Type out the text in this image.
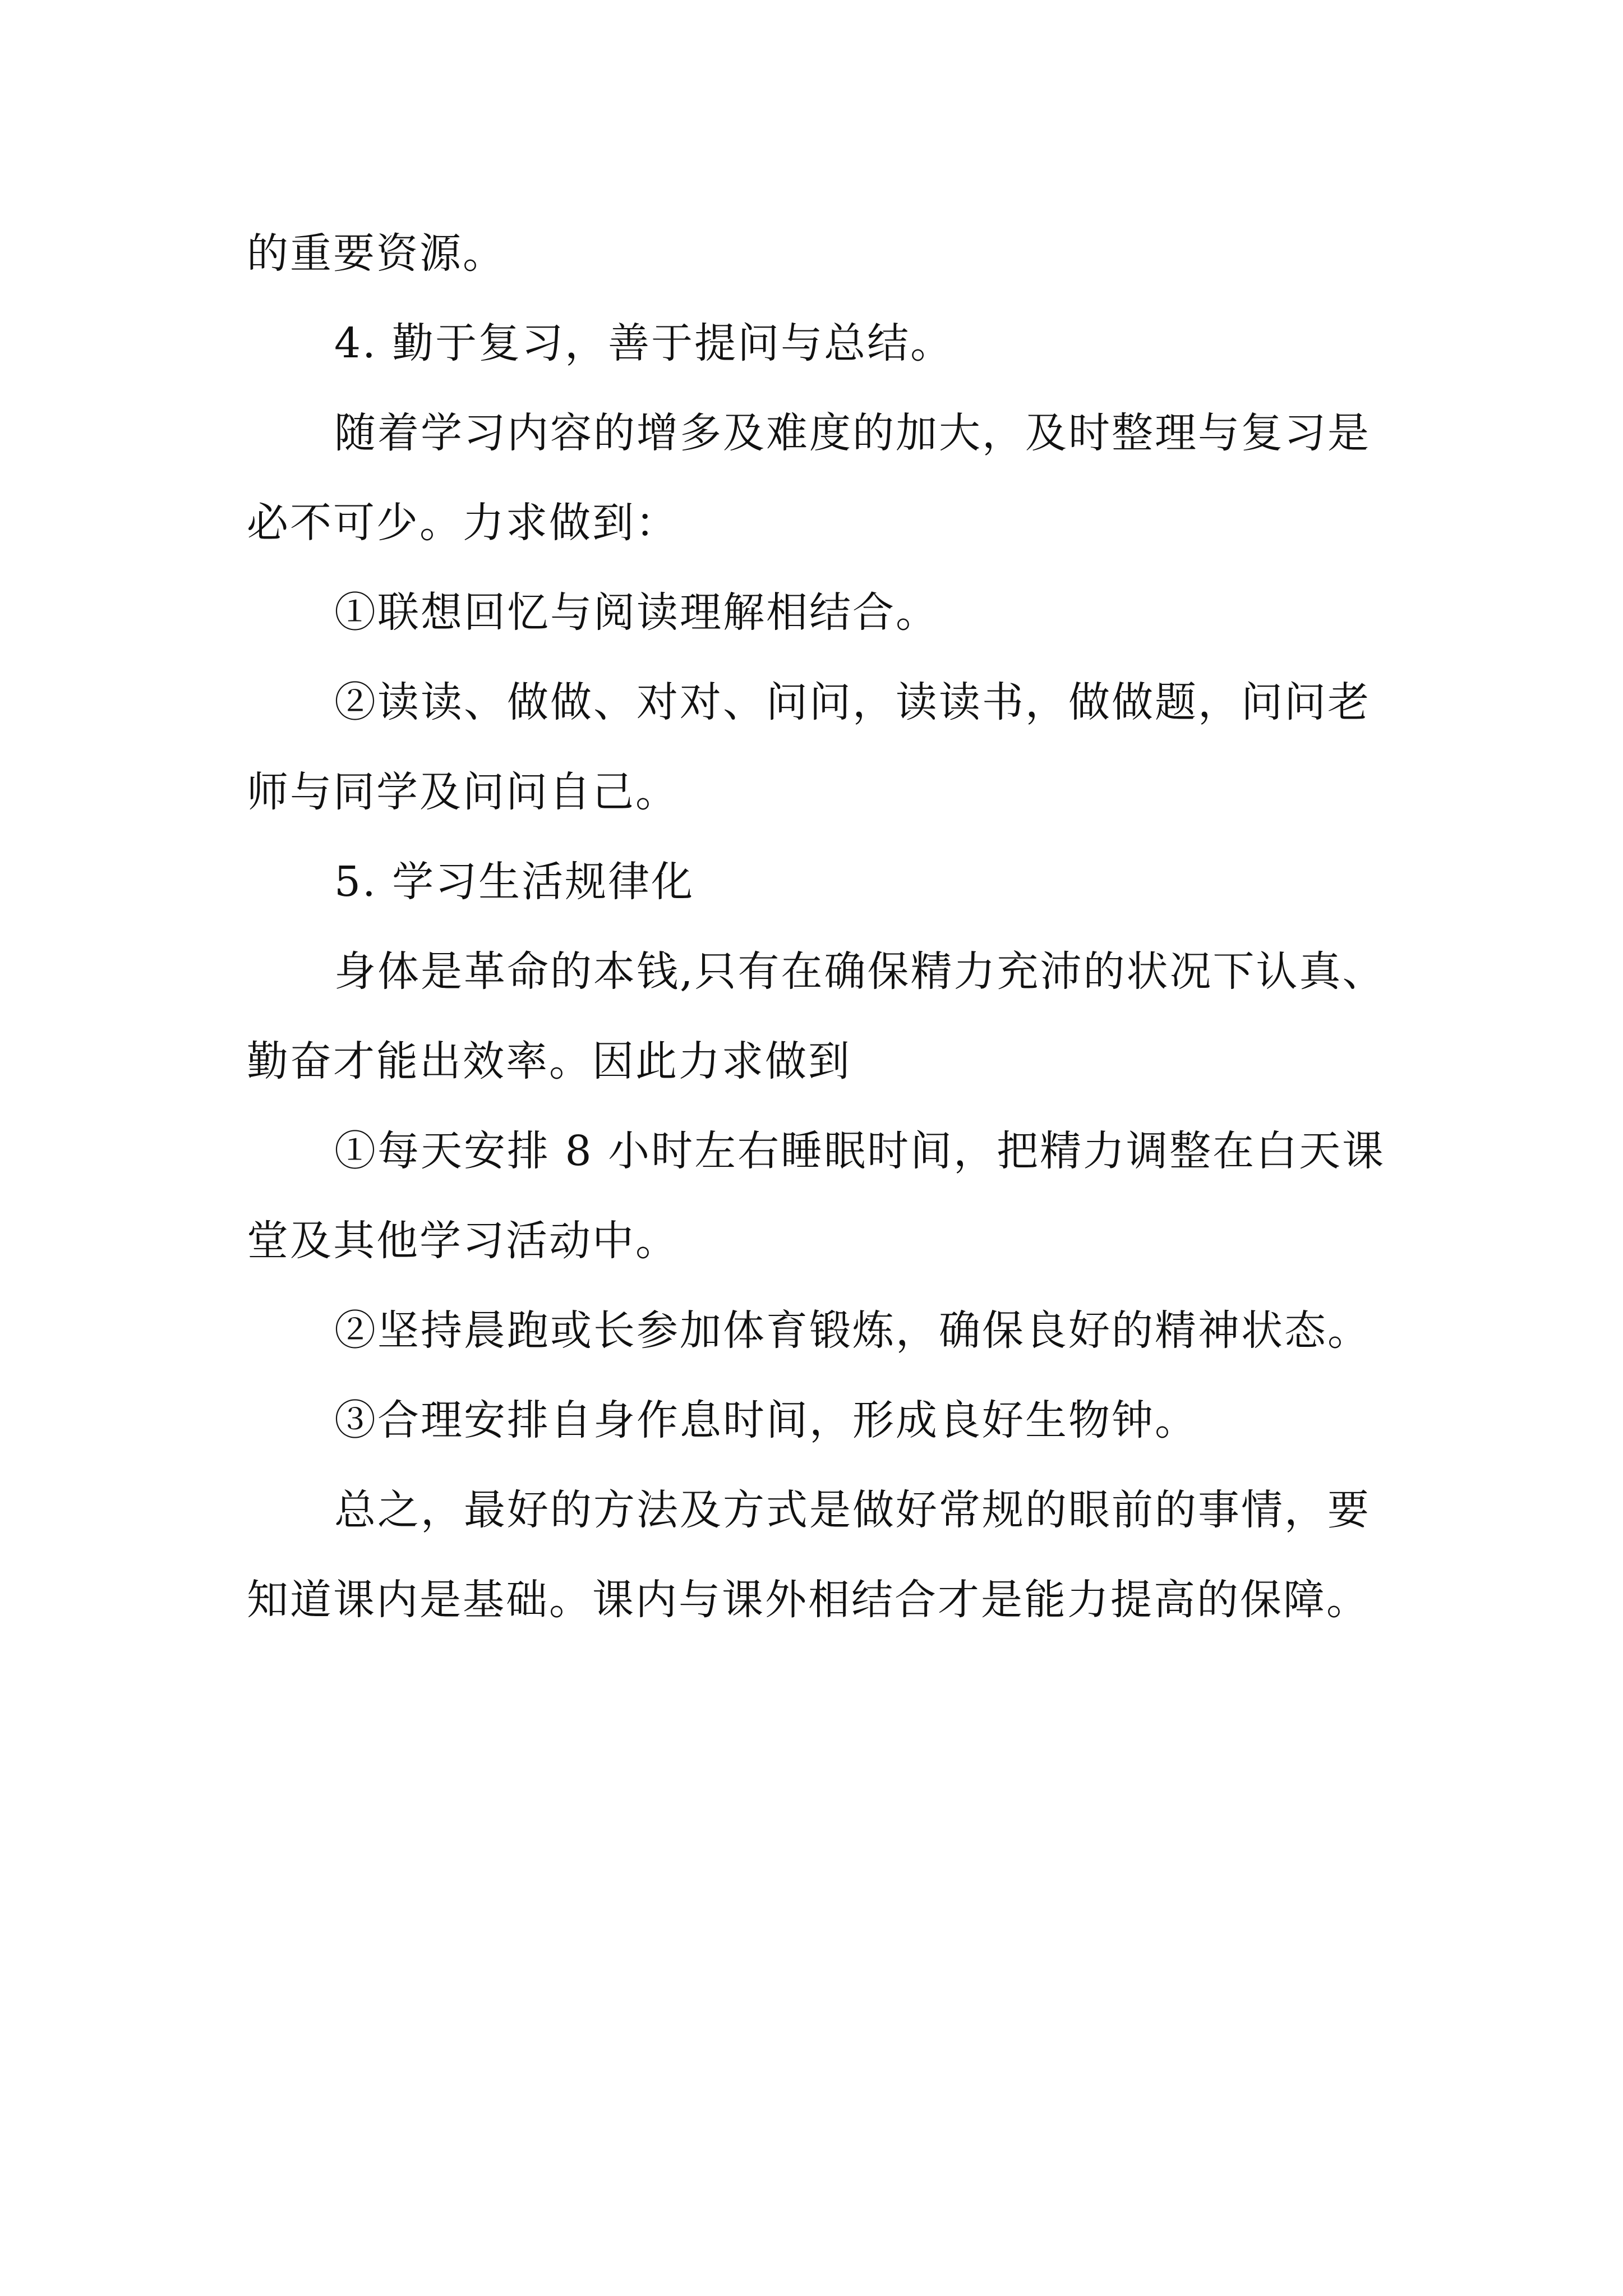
的重要资源。

4. 勤于复习，善于提问与总结。

随着学习内容的增多及难度的加大，及时整理与复习是

必不可少。力求做到：

①联想回忆与阅读理解相结合。

②读读、做做、对对、问问，读读书，做做题，问问老

师与同学及问问自己。

5. 学习生活规律化

身体是革命的本钱,只有在确保精力充沛的状况下认真、

勤奋才能出效率。因此力求做到

①每天安排 8 小时左右睡眠时间，把精力调整在白天课

堂及其他学习活动中。

②坚持晨跑或长参加体育锻炼，确保良好的精神状态。

③合理安排自身作息时间，形成良好生物钟。

总之，最好的方法及方式是做好常规的眼前的事情，要

知道课内是基础。课内与课外相结合才是能力提高的保障。
